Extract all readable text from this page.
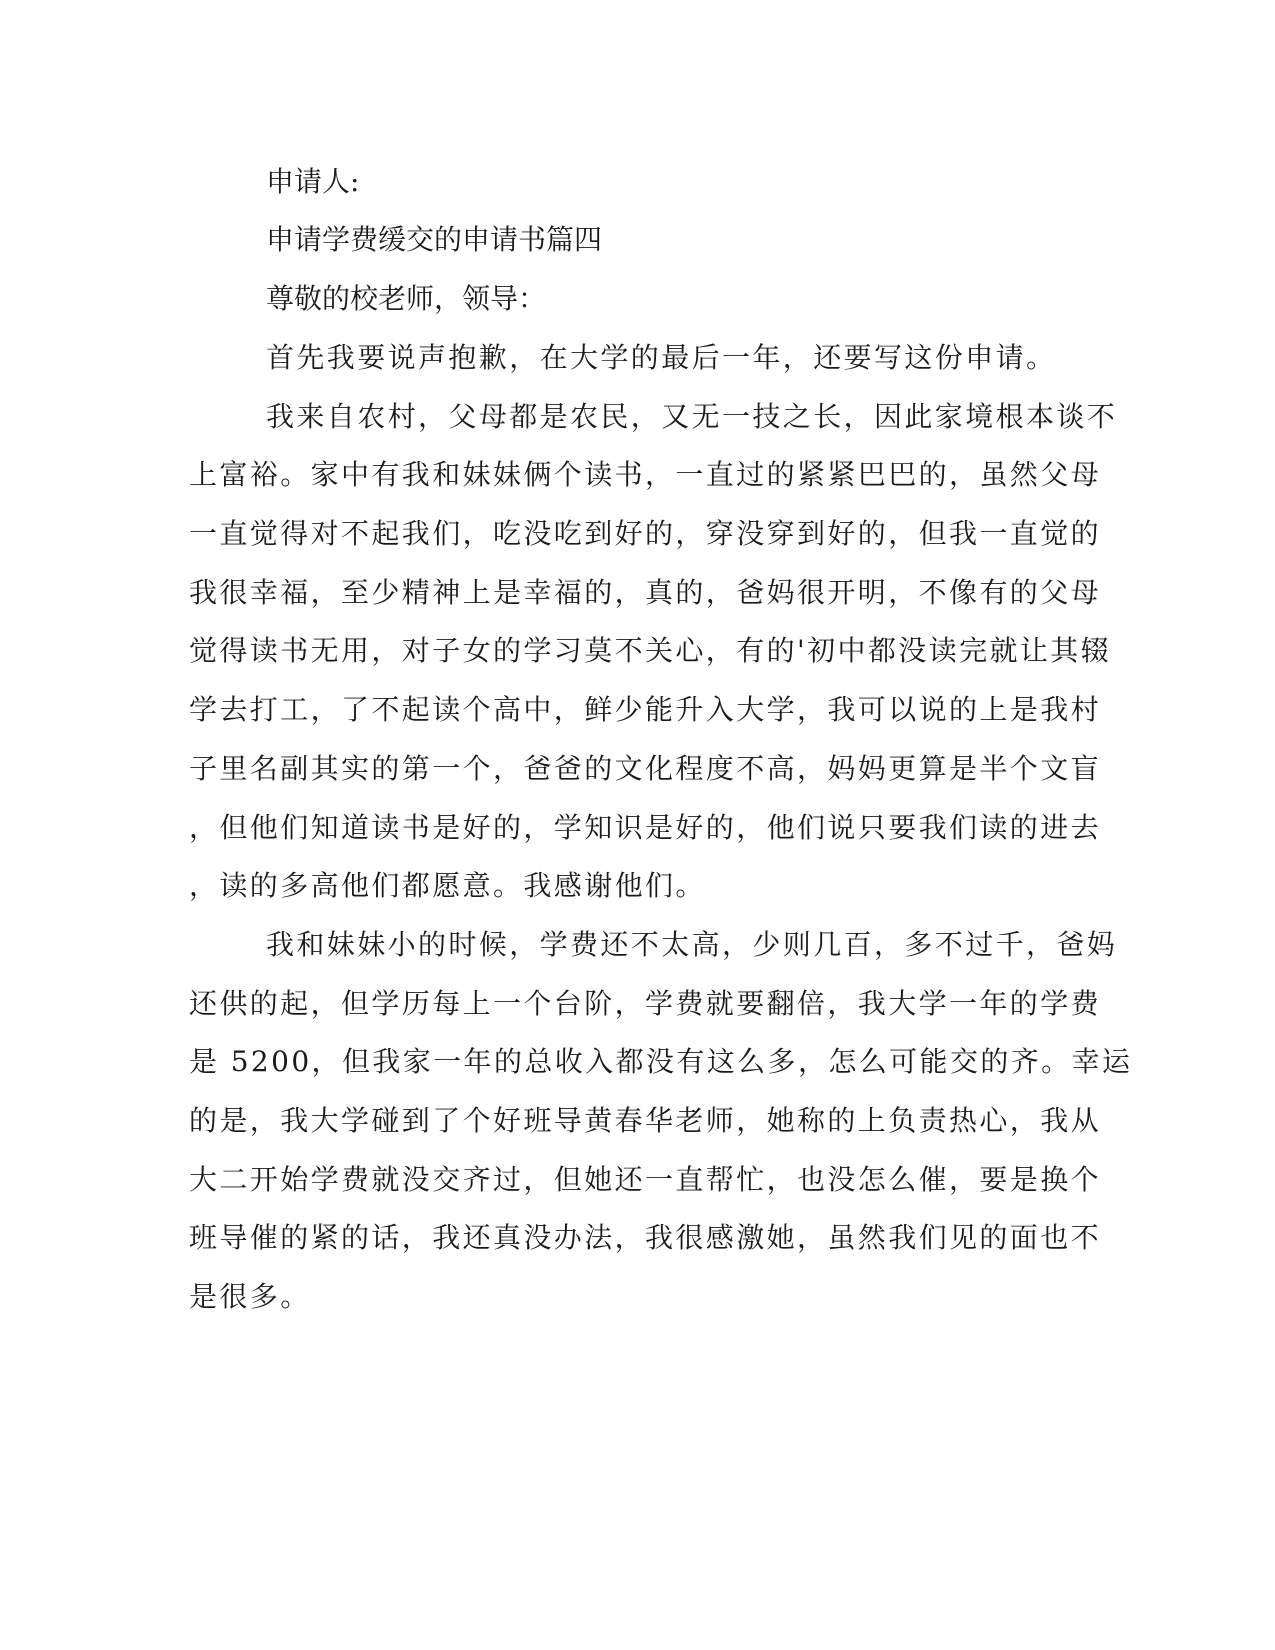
申请人:
申请学费缓交的申请书篇四
尊敬的校老师，领导：
首先我要说声抱歉，在大学的最后一年，还要写这份申请。
我来自农村，父母都是农民，又无一技之长，因此家境根本谈不
上富裕。家中有我和妹妹俩个读书，一直过的紧紧巴巴的，虽然父母
一直觉得对不起我们，吃没吃到好的，穿没穿到好的，但我一直觉的
我很幸福，至少精神上是幸福的，真的，爸妈很开明，不像有的父母
觉得读书无用，对子女的学习莫不关心，有的'初中都没读完就让其辍
学去打工，了不起读个高中，鲜少能升入大学，我可以说的上是我村
子里名副其实的第一个，爸爸的文化程度不高，妈妈更算是半个文盲
，但他们知道读书是好的，学知识是好的，他们说只要我们读的进去
，读的多高他们都愿意。我感谢他们。
我和妹妹小的时候，学费还不太高，少则几百，多不过千，爸妈
还供的起，但学历每上一个台阶，学费就要翻倍，我大学一年的学费
是 5200，但我家一年的总收入都没有这么多，怎么可能交的齐。幸运
的是，我大学碰到了个好班导黄春华老师，她称的上负责热心，我从
大二开始学费就没交齐过，但她还一直帮忙，也没怎么催，要是换个
班导催的紧的话，我还真没办法，我很感激她，虽然我们见的面也不
是很多。
